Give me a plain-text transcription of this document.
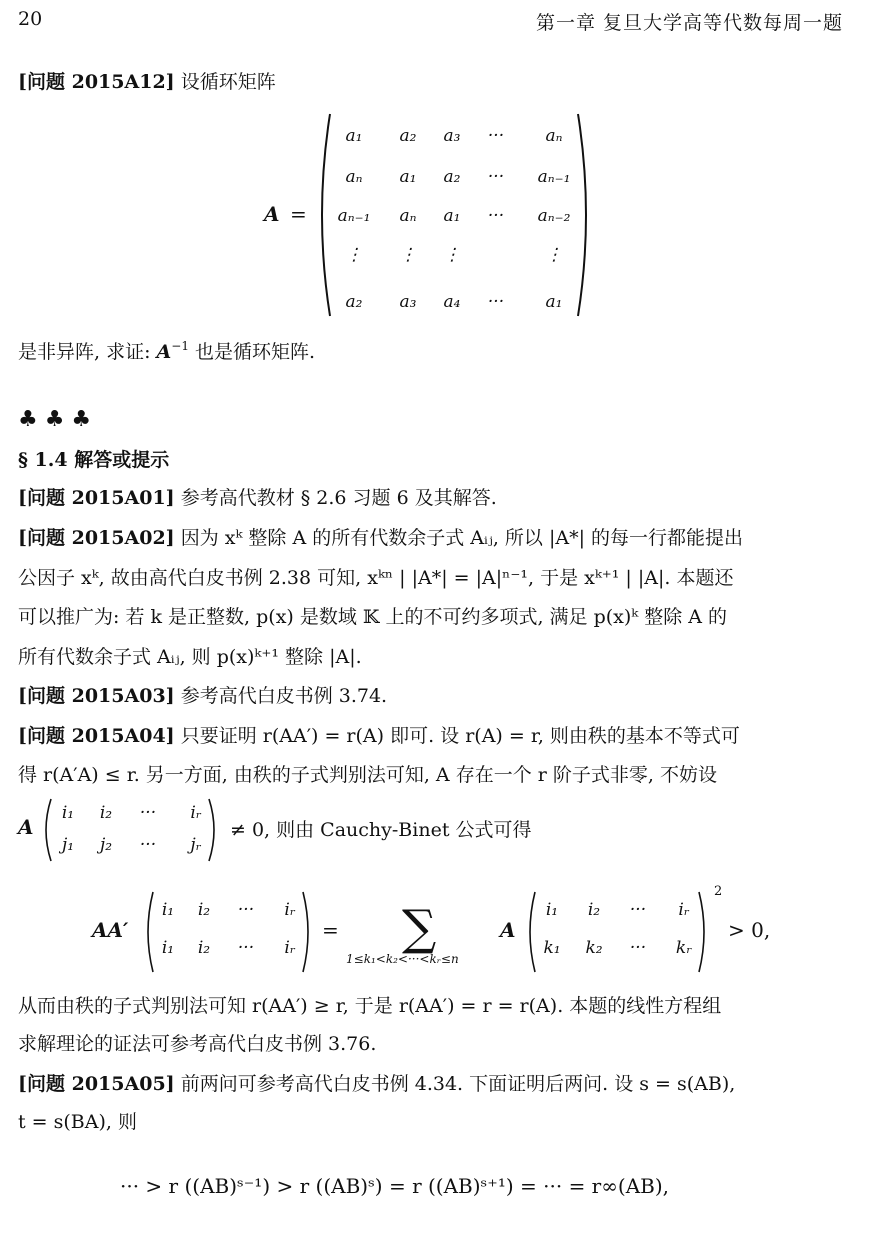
20	第一章 复旦大学高等代数每周一题
[问题 2015A12] 设循环矩阵
A =
a₁	a₂	a₃	···	aₙ
aₙ	a₁	a₂	···	aₙ₋₁
aₙ₋₁	aₙ	a₁	···	aₙ₋₂
⋮	⋮	⋮	⋮
a₂	a₃	a₄	···	a₁
是非异阵, 求证: $A^{-1}$ 也是循环矩阵.
♣ ♣ ♣
§ 1.4 解答或提示
[问题 2015A01] 参考高代教材 § 2.6 习题 6 及其解答.
[问题 2015A02] 因为 xᵏ 整除 A 的所有代数余子式 Aᵢⱼ, 所以 |A*| 的每一行都能提出
公因子 xᵏ, 故由高代白皮书例 2.38 可知, xᵏⁿ | |A*| = |A|ⁿ⁻¹, 于是 xᵏ⁺¹ | |A|. 本题还
可以推广为: 若 k 是正整数, p(x) 是数域 𝕂 上的不可约多项式, 满足 p(x)ᵏ 整除 A 的
所有代数余子式 Aᵢⱼ, 则 p(x)ᵏ⁺¹ 整除 |A|.
[问题 2015A03] 参考高代白皮书例 3.74.
[问题 2015A04] 只要证明 r(AA′) = r(A) 即可. 设 r(A) = r, 则由秩的基本不等式可
得 r(A′A) ≤ r. 另一方面, 由秩的子式判别法可知, A 存在一个 r 阶子式非零, 不妨设
A
i₁	i₂	···	iᵣ
j₁	j₂	···	jᵣ
≠ 0, 则由 Cauchy-Binet 公式可得
AA′	= ∑
1≤k₁<k₂<···<kᵣ≤n
A
2
> 0,
i₁	i₂	···	iᵣ
i₁	i₂	···	iᵣ
i₁	i₂	···	iᵣ
k₁	k₂	···	kᵣ
从而由秩的子式判别法可知 r(AA′) ≥ r, 于是 r(AA′) = r = r(A). 本题的线性方程组
求解理论的证法可参考高代白皮书例 3.76.
[问题 2015A05] 前两问可参考高代白皮书例 4.34. 下面证明后两问. 设 s = s(AB),
t = s(BA), 则
··· > r ((AB)ˢ⁻¹) > r ((AB)ˢ) = r ((AB)ˢ⁺¹) = ··· = r∞(AB),
